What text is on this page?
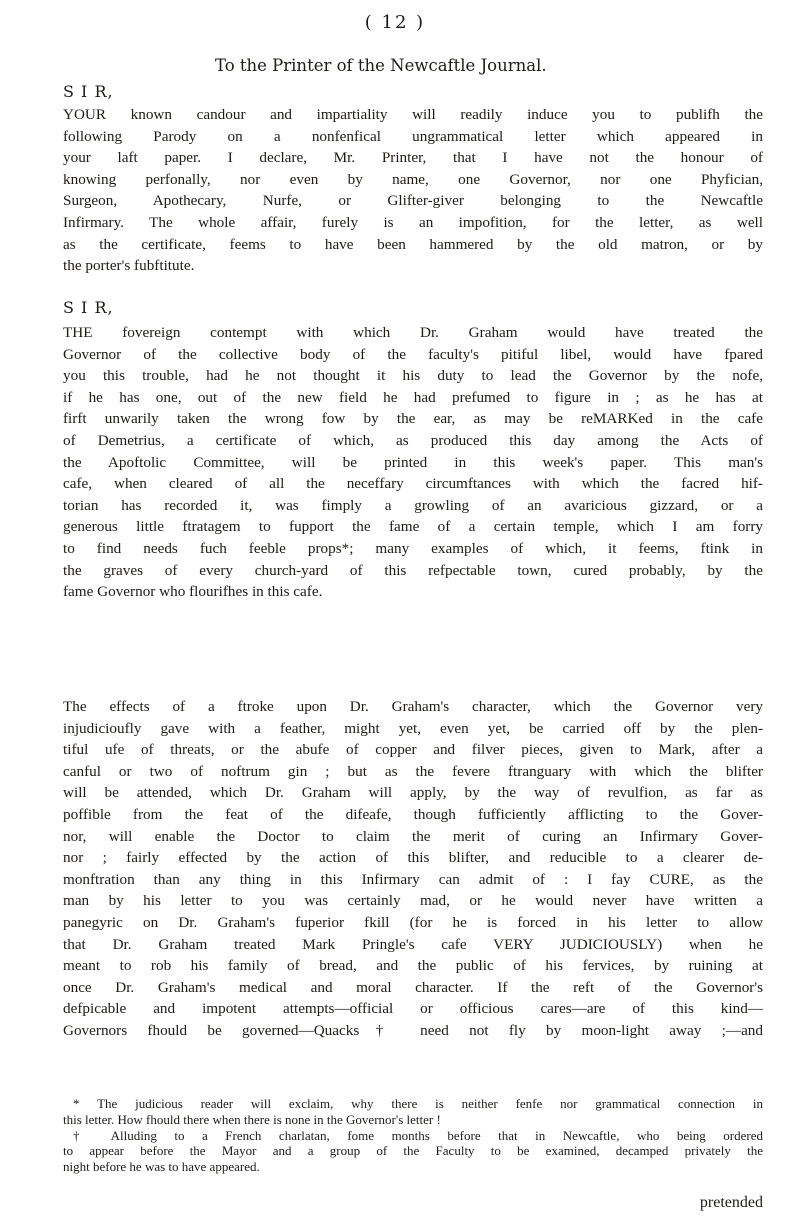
( 12 )
To the Printer of the Newcaftle Journal.
S I R,

YOUR known candour and impartiality will readily induce you to publifh the

following Parody on a nonfenfical ungrammatical letter which appeared in

your laft paper. I declare, Mr. Printer, that I have not the honour of

knowing perfonally, nor even by name, one Governor, nor one Phyfician,

Surgeon, Apothecary, Nurfe, or Glifter-giver belonging to the Newcaftle

Infirmary. The whole affair, furely is an impofition, for the letter, as well

as the certificate, feems to have been hammered by the old matron, or by

the porter's fubftitute.

S I R,

THE fovereign contempt with which Dr. Graham would have treated the

Governor of the collective body of the faculty's pitiful libel, would have fpared

you this trouble, had he not thought it his duty to lead the Governor by the nofe,

if he has one, out of the new field he had prefumed to figure in ; as he has at

firft unwarily taken the wrong fow by the ear, as may be reMARKed in the cafe

of Demetrius, a certificate of which, as produced this day among the Acts of

the Apoftolic Committee, will be printed in this week's paper. This man's

cafe, when cleared of all the neceffary circumftances with which the facred hif-

torian has recorded it, was fimply a growling of an avaricious gizzard, or a

generous little ftratagem to fupport the fame of a certain temple, which I am forry

to find needs fuch feeble props*; many examples of which, it feems, ftink in

the graves of every church-yard of this refpectable town, cured probably, by the

fame Governor who flourifhes in this cafe.

The effects of a ftroke upon Dr. Graham's character, which the Governor very

injudicioufly gave with a feather, might yet, even yet, be carried off by the plen-

tiful ufe of threats, or the abufe of copper and filver pieces, given to Mark, after a

canful or two of noftrum gin ; but as the fevere ftranguary with which the blifter

will be attended, which Dr. Graham will apply, by the way of revulfion, as far as

poffible from the feat of the difeafe, though fufficiently afflicting to the Gover-

nor, will enable the Doctor to claim the merit of curing an Infirmary Gover-

nor ; fairly effected by the action of this blifter, and reducible to a clearer de-

monftration than any thing in this Infirmary can admit of : I fay CURE, as the

man by his letter to you was certainly mad, or he would never have written a

panegyric on Dr. Graham's fuperior fkill (for he is forced in his letter to allow

that Dr. Graham treated Mark Pringle's cafe VERY JUDICIOUSLY) when he

meant to rob his family of bread, and the public of his fervices, by ruining at

once Dr. Graham's medical and moral character. If the reft of the Governor's

defpicable and impotent attempts—official or officious cares—are of this kind—

Governors fhould be governed—Quacks† need not fly by moon-light away ;—and

* The judicious reader will exclaim, why there is neither fenfe nor grammatical connection in

this letter. How fhould there when there is none in the Governor's letter !

† Alluding to a French charlatan, fome months before that in Newcaftle, who being ordered

to appear before the Mayor and a group of the Faculty to be examined, decamped privately the

night before he was to have appeared.

pretended
